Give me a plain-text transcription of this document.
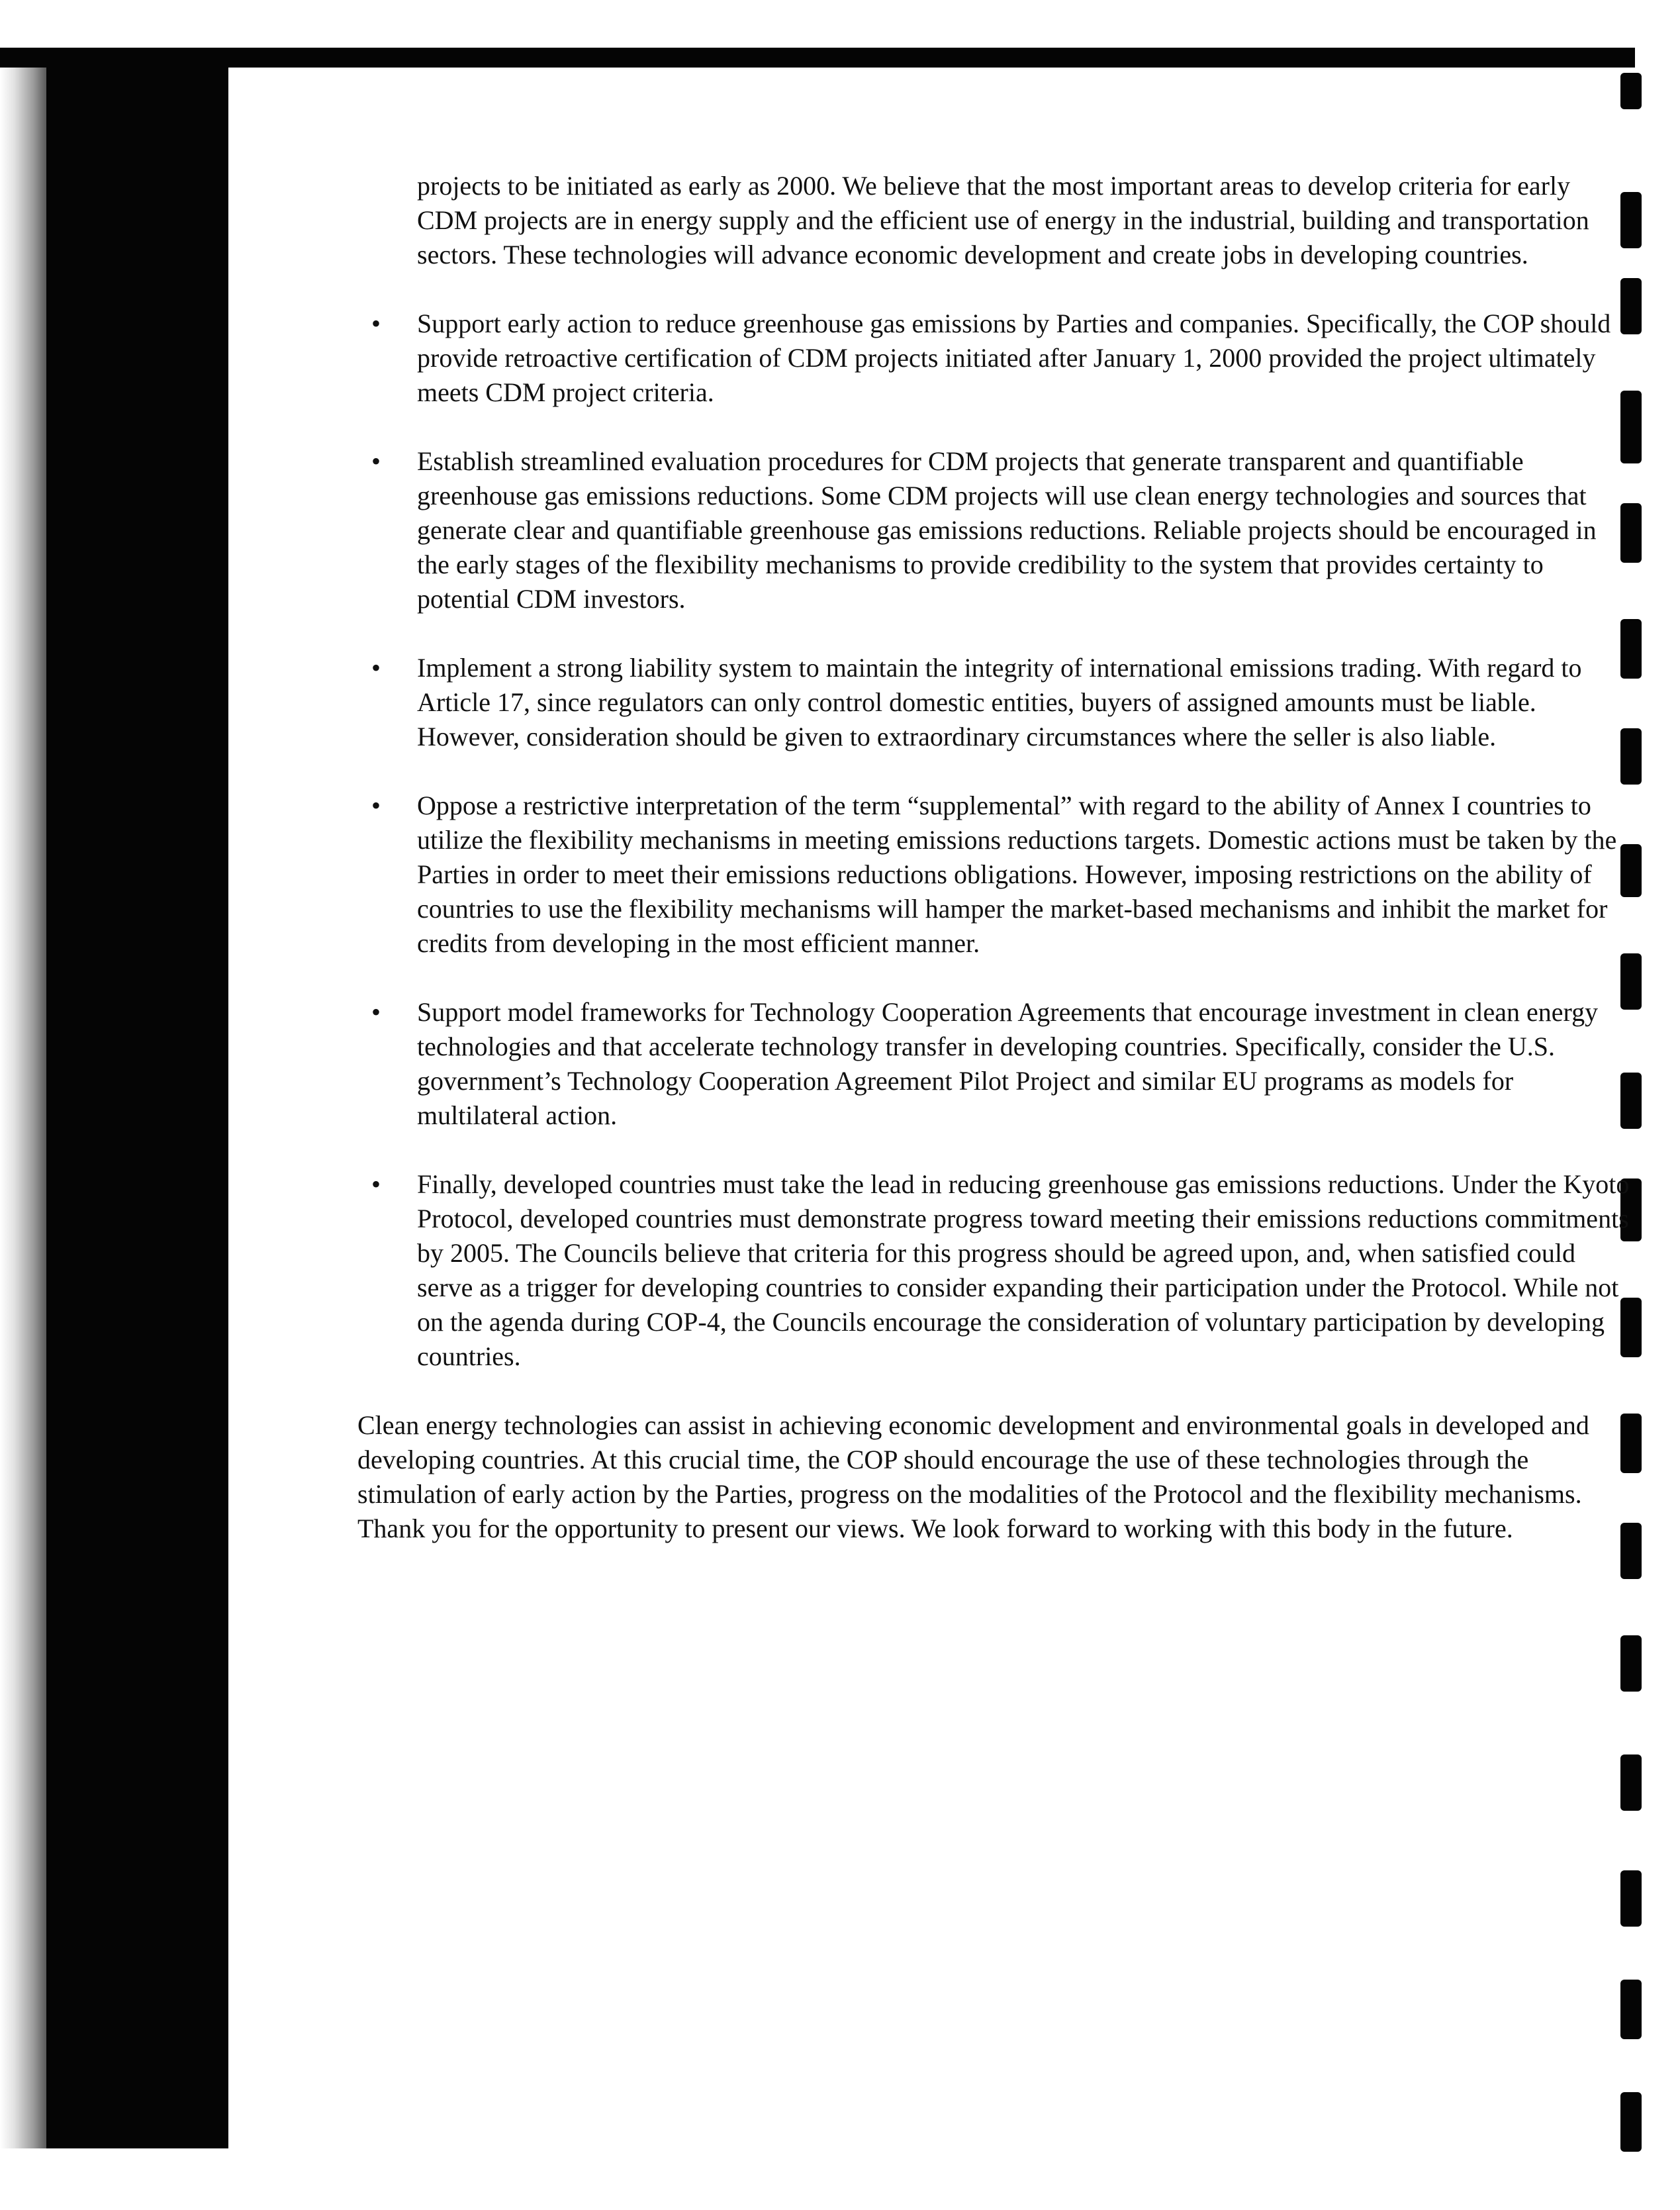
projects to be initiated as early as 2000. We believe that the most important areas to develop criteria for early CDM projects are in energy supply and the efficient use of energy in the industrial, building and transportation sectors. These technologies will advance economic development and create jobs in developing countries.

• Support early action to reduce greenhouse gas emissions by Parties and companies. Specifically, the COP should provide retroactive certification of CDM projects initiated after January 1, 2000 provided the project ultimately meets CDM project criteria.
• Establish streamlined evaluation procedures for CDM projects that generate transparent and quantifiable greenhouse gas emissions reductions. Some CDM projects will use clean energy technologies and sources that generate clear and quantifiable greenhouse gas emissions reductions. Reliable projects should be encouraged in the early stages of the flexibility mechanisms to provide credibility to the system that provides certainty to potential CDM investors.
• Implement a strong liability system to maintain the integrity of international emissions trading. With regard to Article 17, since regulators can only control domestic entities, buyers of assigned amounts must be liable. However, consideration should be given to extraordinary circumstances where the seller is also liable.
• Oppose a restrictive interpretation of the term “supplemental” with regard to the ability of Annex I countries to utilize the flexibility mechanisms in meeting emissions reductions targets. Domestic actions must be taken by the Parties in order to meet their emissions reductions obligations. However, imposing restrictions on the ability of countries to use the flexibility mechanisms will hamper the market-based mechanisms and inhibit the market for credits from developing in the most efficient manner.
• Support model frameworks for Technology Cooperation Agreements that encourage investment in clean energy technologies and that accelerate technology transfer in developing countries. Specifically, consider the U.S. government’s Technology Cooperation Agreement Pilot Project and similar EU programs as models for multilateral action.
• Finally, developed countries must take the lead in reducing greenhouse gas emissions reductions. Under the Kyoto Protocol, developed countries must demonstrate progress toward meeting their emissions reductions commitments by 2005. The Councils believe that criteria for this progress should be agreed upon, and, when satisfied could serve as a trigger for developing countries to consider expanding their participation under the Protocol. While not on the agenda during COP-4, the Councils encourage the consideration of voluntary participation by developing countries.

Clean energy technologies can assist in achieving economic development and environmental goals in developed and developing countries. At this crucial time, the COP should encourage the use of these technologies through the stimulation of early action by the Parties, progress on the modalities of the Protocol and the flexibility mechanisms. Thank you for the opportunity to present our views. We look forward to working with this body in the future.
